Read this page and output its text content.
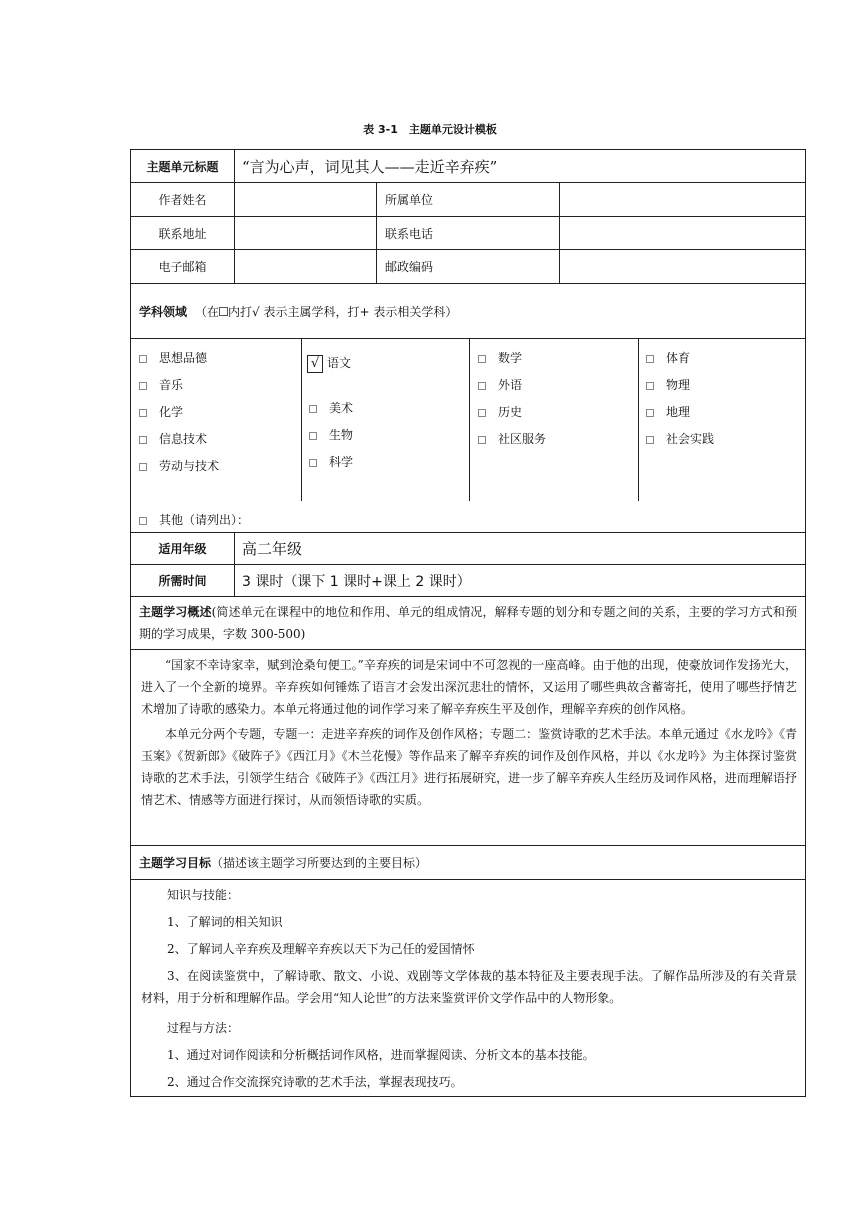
表 3-1　主题单元设计模板
主题单元标题	“言为心声，词见其人——走近辛弃疾”
作者姓名	所属单位
联系地址	联系电话
电子邮箱	邮政编码
学科领域 （在 内打√ 表示主属学科，打+ 表示相关学科）
思想品德
音乐
化学
信息技术
劳动与技术
√ 语文
美术
生物
科学
数学
外语
历史
社区服务
体育
物理
地理
社会实践
其他（请列出）：
适用年级	高二年级
所需时间	3 课时（课下 1 课时+课上 2 课时）

主题学习概述(简述单元在课程中的地位和作用、单元的组成情况，解释专题的划分和专题之间的关系，主要的学习方式和预期的学习成果，字数 300-500)

“国家不幸诗家幸，赋到沧桑句便工。”辛弃疾的词是宋词中不可忽视的一座高峰。由于他的出现，使豪放词作发扬光大，进入了一个全新的境界。辛弃疾如何锤炼了语言才会发出深沉悲壮的情怀，又运用了哪些典故含蓄寄托，使用了哪些抒情艺术增加了诗歌的感染力。本单元将通过他的词作学习来了解辛弃疾生平及创作，理解辛弃疾的创作风格。

本单元分两个专题，专题一：走进辛弃疾的词作及创作风格；专题二：鉴赏诗歌的艺术手法。本单元通过《水龙吟》《青玉案》《贺新郎》《破阵子》《西江月》《木兰花慢》等作品来了解辛弃疾的词作及创作风格，并以《水龙吟》为主体探讨鉴赏诗歌的艺术手法，引领学生结合《破阵子》《西江月》进行拓展研究，进一步了解辛弃疾人生经历及词作风格，进而理解语抒情艺术、情感等方面进行探讨，从而领悟诗歌的实质。

主题学习目标 （描述该主题学习所要达到的主要目标）
知识与技能：
1、了解词的相关知识
2、了解词人辛弃疾及理解辛弃疾以天下为己任的爱国情怀
3、在阅读鉴赏中，了解诗歌、散文、小说、戏剧等文学体裁的基本特征及主要表现手法。了解作品所涉及的有关背景材料，用于分析和理解作品。学会用“知人论世”的方法来鉴赏评价文学作品中的人物形象。
过程与方法：
1、通过对词作阅读和分析概括词作风格，进而掌握阅读、分析文本的基本技能。
2、通过合作交流探究诗歌的艺术手法，掌握表现技巧。
